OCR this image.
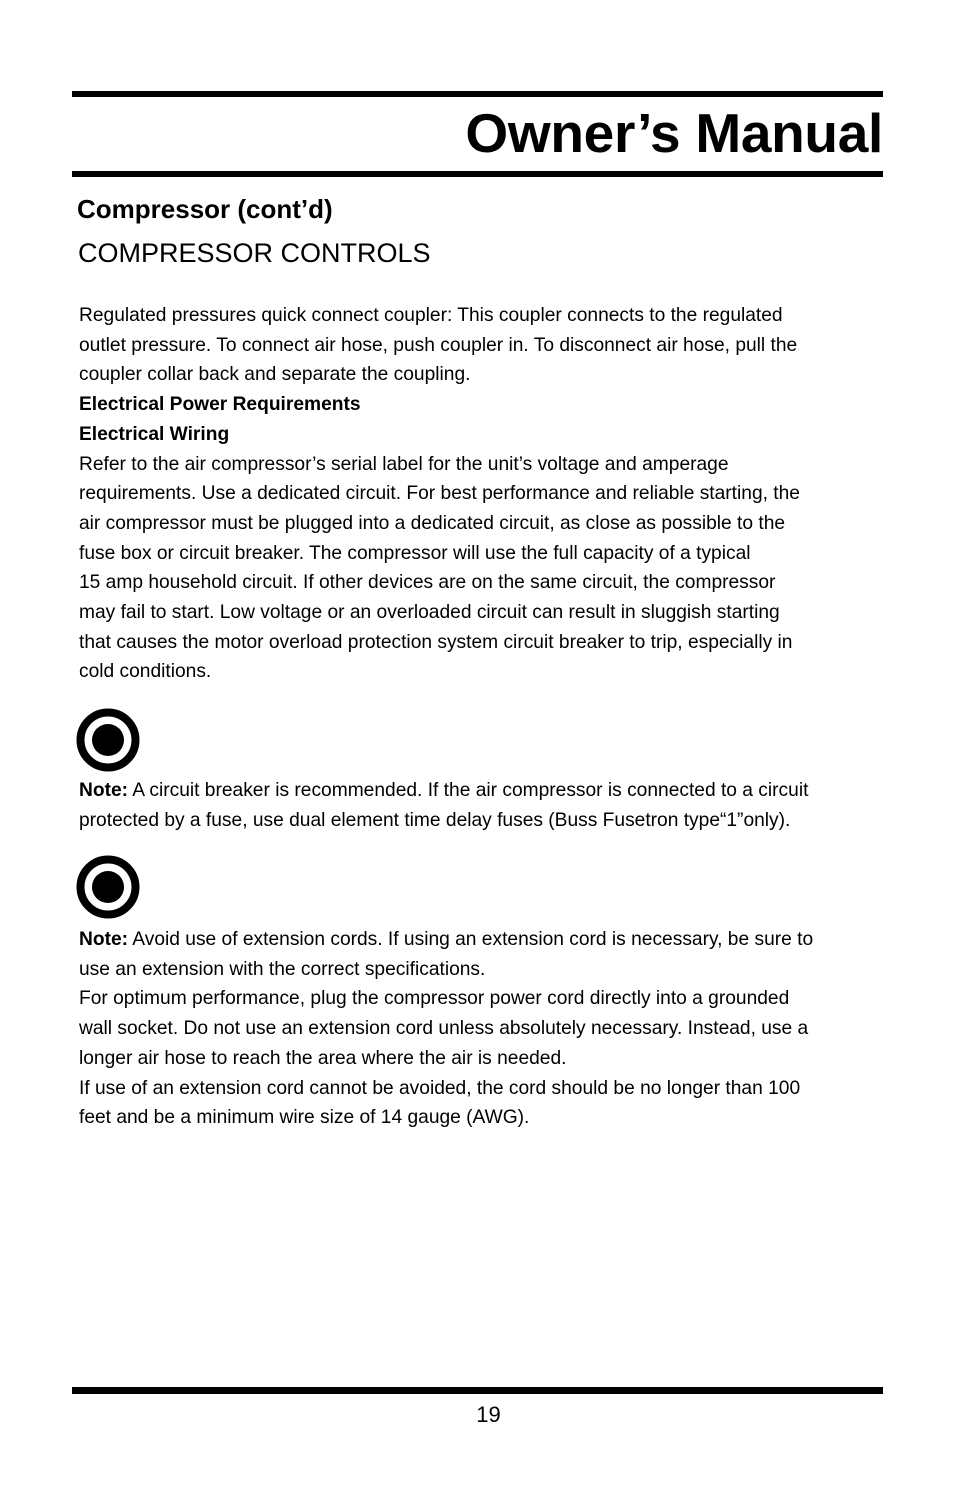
Owner’s Manual
Compressor (cont’d)
COMPRESSOR CONTROLS

Regulated pressures quick connect coupler: This coupler connects to the regulated

outlet pressure. To connect air hose, push coupler in. To disconnect air hose, pull the

coupler collar back and separate the coupling.

Electrical Power Requirements

Electrical Wiring

Refer to the air compressor’s serial label for the unit’s voltage and amperage

requirements. Use a dedicated circuit. For best performance and reliable starting, the

air compressor must be plugged into a dedicated circuit, as close as possible to the

fuse box or circuit breaker. The compressor will use the full capacity of a typical

15 amp household circuit. If other devices are on the same circuit, the compressor

may fail to start. Low voltage or an overloaded circuit can result in sluggish starting

that causes the motor overload protection system circuit breaker to trip, especially in

cold conditions.

Note: A circuit breaker is recommended. If the air compressor is connected to a circuit

protected by a fuse, use dual element time delay fuses (Buss Fusetron type“1”only).

Note: Avoid use of extension cords. If using an extension cord is necessary, be sure to

use an extension with the correct specifications.

For optimum performance, plug the compressor power cord directly into a grounded

wall socket. Do not use an extension cord unless absolutely necessary. Instead, use a

longer air hose to reach the area where the air is needed.

If use of an extension cord cannot be avoided, the cord should be no longer than 100

feet and be a minimum wire size of 14 gauge (AWG).

19
